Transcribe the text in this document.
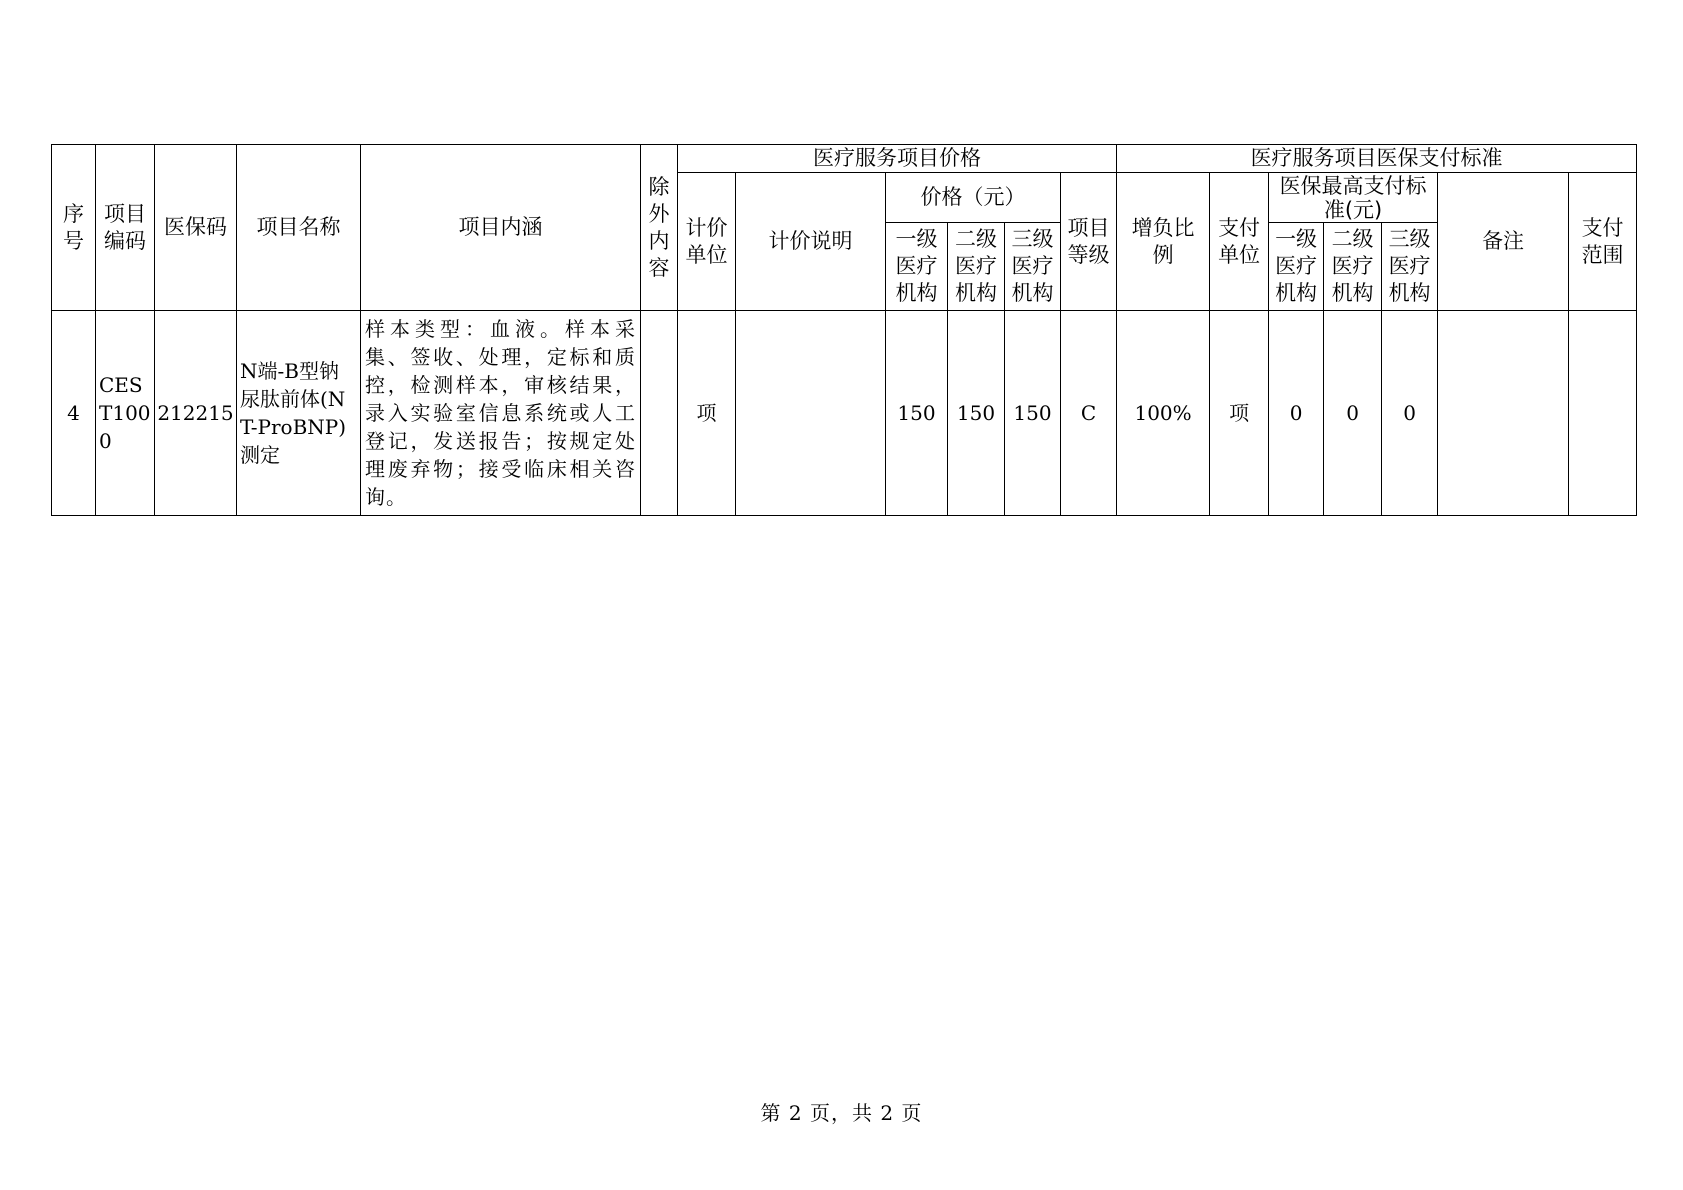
序号	项目编码	医保码	项目名称	项目内涵	除外内容	医疗服务项目价格						医疗服务项目医保支付标准						
						计价单位	计价说明	价格（元）			项目等级	增负比例	支付单位	医保最高支付标准(元)			备注	支付范围

								一级医疗机构	二级医疗机构	三级医疗机构				一级医疗机构	二级医疗机构	三级医疗机构		
4	CEST1000	212215	N端-B型钠尿肽前体(NT-ProBNP)测定	样本类型：血液。样本采集、签收、处理，定标和质控，检测样本，审核结果，录入实验室信息系统或人工登记，发送报告；按规定处理废弃物；接受临床相关咨询。		项		150	150	150	C	100%	项	0	0	0		
第 2 页，共 2 页
